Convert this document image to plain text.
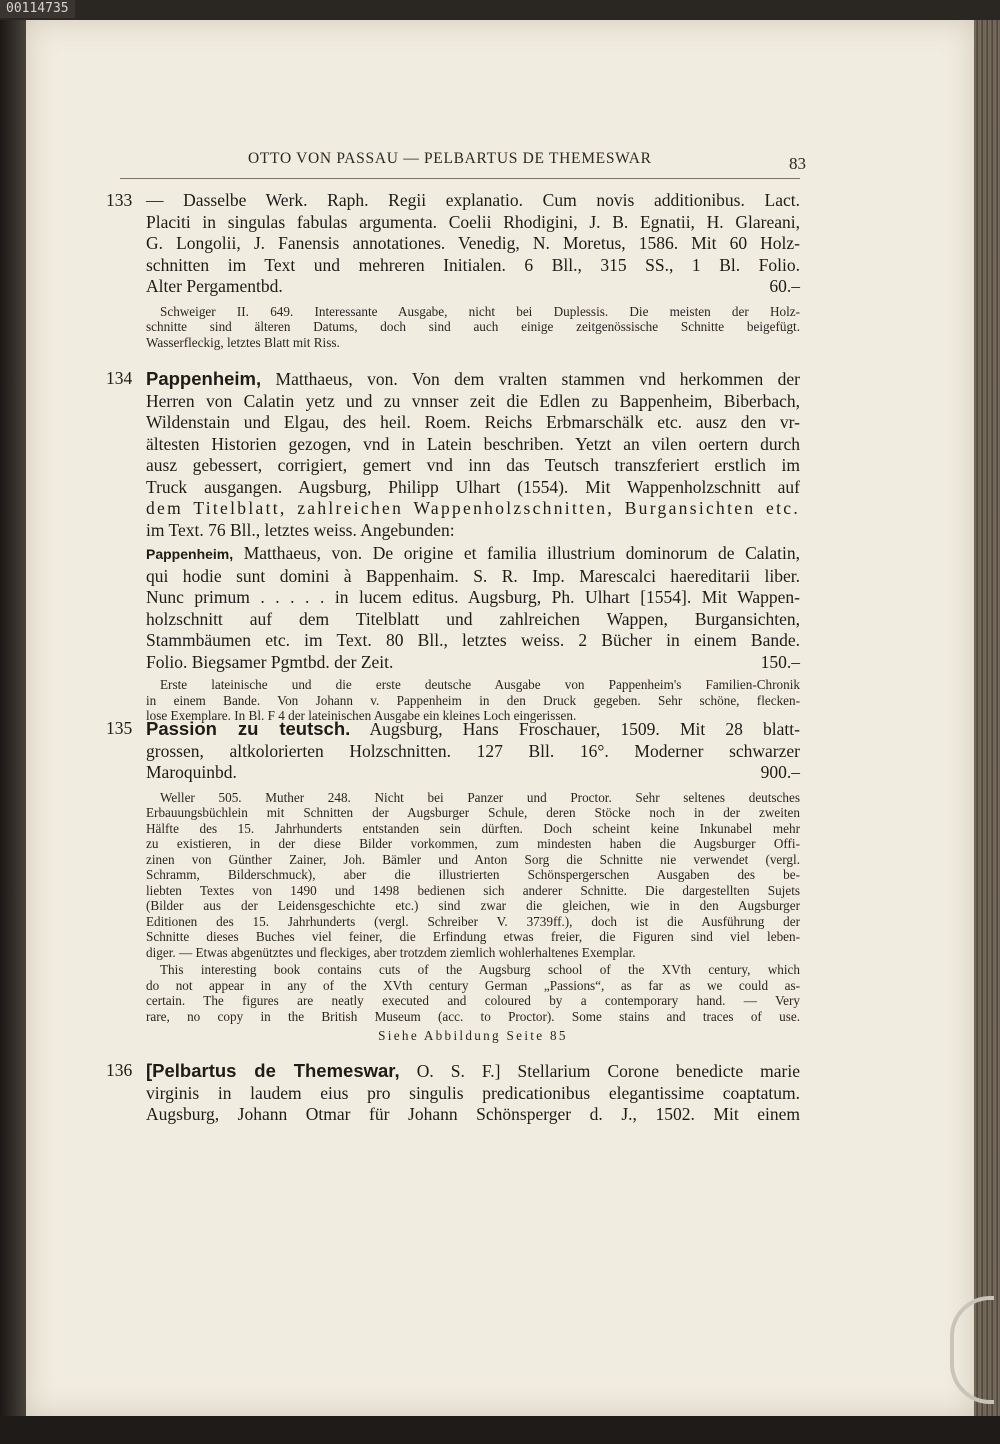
00114735
OTTO VON PASSAU — PELBARTUS DE THEMESWAR	83
133 — Dasselbe Werk. Raph. Regii explanatio. Cum novis additionibus. Lact.
Placiti in singulas fabulas argumenta. Coelii Rhodigini, J. B. Egnatii, H. Glareani,
G. Longolii, J. Fanensis annotationes. Venedig, N. Moretus, 1586. Mit 60 Holz-
schnitten im Text und mehreren Initialen. 6 Bll., 315 SS., 1 Bl. Folio.
Alter Pergamentbd.	60.–
Schweiger II. 649. Interessante Ausgabe, nicht bei Duplessis. Die meisten der Holz-
schnitte sind älteren Datums, doch sind auch einige zeitgenössische Schnitte beigefügt.
Wasserfleckig, letztes Blatt mit Riss.
134 Pappenheim, Matthaeus, von. Von dem vralten stammen vnd herkommen der
Herren von Calatin yetz und zu vnnser zeit die Edlen zu Bappenheim, Biberbach,
Wildenstain und Elgau, des heil. Roem. Reichs Erbmarschälk etc. ausz den vr-
ältesten Historien gezogen, vnd in Latein beschriben. Yetzt an vilen oertern durch
ausz gebessert, corrigiert, gemert vnd inn das Teutsch transzferiert erstlich im
Truck ausgangen. Augsburg, Philipp Ulhart (1554). Mit Wappenholzschnitt auf
dem Titelblatt, zahlreichen Wappenholzschnitten, Burgansichten etc.
im Text. 76 Bll., letztes weiss. Angebunden:
Pappenheim, Matthaeus, von. De origine et familia illustrium dominorum de Calatin,
qui hodie sunt domini à Bappenhaim. S. R. Imp. Marescalci haereditarii liber.
Nunc primum . . . . . in lucem editus. Augsburg, Ph. Ulhart [1554]. Mit Wappen-
holzschnitt auf dem Titelblatt und zahlreichen Wappen, Burgansichten,
Stammbäumen etc. im Text. 80 Bll., letztes weiss. 2 Bücher in einem Bande.
Folio. Biegsamer Pgmtbd. der Zeit.	150.–
Erste lateinische und die erste deutsche Ausgabe von Pappenheim's Familien-Chronik
in einem Bande. Von Johann v. Pappenheim in den Druck gegeben. Sehr schöne, flecken-
lose Exemplare. In Bl. F 4 der lateinischen Ausgabe ein kleines Loch eingerissen.
135 Passion zu teutsch. Augsburg, Hans Froschauer, 1509. Mit 28 blatt-
grossen, altkolorierten Holzschnitten. 127 Bll. 16°. Moderner schwarzer
Maroquinbd.	900.–
Weller 505. Muther 248. Nicht bei Panzer und Proctor. Sehr seltenes deutsches
Erbauungsbüchlein mit Schnitten der Augsburger Schule, deren Stöcke noch in der zweiten
Hälfte des 15. Jahrhunderts entstanden sein dürften. Doch scheint keine Inkunabel mehr
zu existieren, in der diese Bilder vorkommen, zum mindesten haben die Augsburger Offi-
zinen von Günther Zainer, Joh. Bämler und Anton Sorg die Schnitte nie verwendet (vergl.
Schramm, Bilderschmuck), aber die illustrierten Schönspergerschen Ausgaben des be-
liebten Textes von 1490 und 1498 bedienen sich anderer Schnitte. Die dargestellten Sujets
(Bilder aus der Leidensgeschichte etc.) sind zwar die gleichen, wie in den Augsburger
Editionen des 15. Jahrhunderts (vergl. Schreiber V. 3739ff.), doch ist die Ausführung der
Schnitte dieses Buches viel feiner, die Erfindung etwas freier, die Figuren sind viel leben-
diger. — Etwas abgenütztes und fleckiges, aber trotzdem ziemlich wohlerhaltenes Exemplar.
This interesting book contains cuts of the Augsburg school of the XVth century, which
do not appear in any of the XVth century German „Passions“, as far as we could as-
certain. The figures are neatly executed and coloured by a contemporary hand. — Very
rare, no copy in the British Museum (acc. to Proctor). Some stains and traces of use.
Siehe Abbildung Seite 85
136 [Pelbartus de Themeswar, O. S. F.] Stellarium Corone benedicte marie
virginis in laudem eius pro singulis predicationibus elegantissime coaptatum.
Augsburg, Johann Otmar für Johann Schönsperger d. J., 1502. Mit einem
